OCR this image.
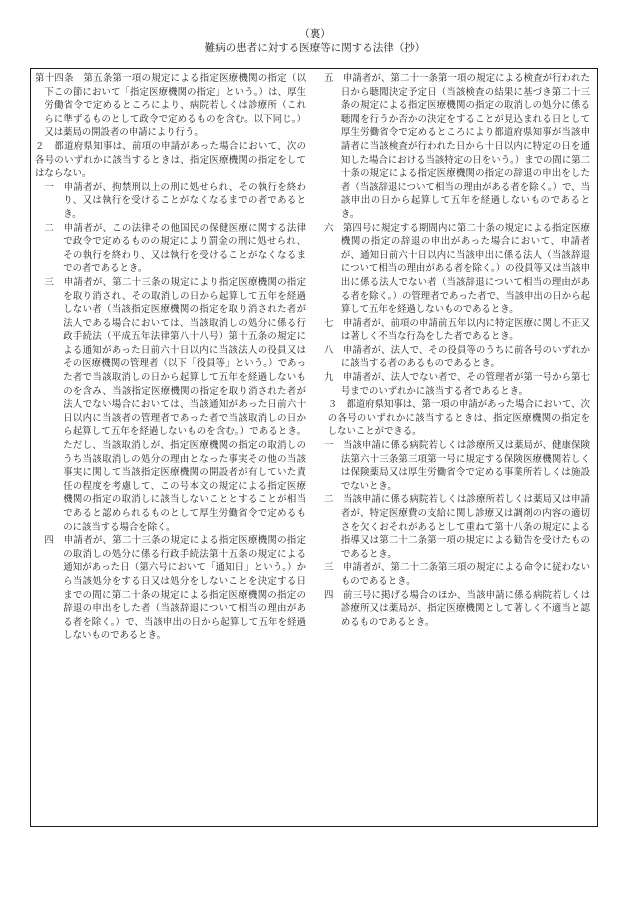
（裏）
難病の患者に対する医療等に関する法律（抄）

第十四条　第五条第一項の規定による指定医療機関の指定（以下この節において「指定医療機関の指定」という。）は、厚生労働省令で定めるところにより、病院若しくは診療所（これらに準ずるものとして政令で定めるものを含む。以下同じ。）又は薬局の開設者の申請により行う。

２　都道府県知事は、前項の申請があった場合において、次の各号のいずれかに該当するときは、指定医療機関の指定をしてはならない。

一　申請者が、拘禁刑以上の刑に処せられ、その執行を終わり、又は執行を受けることがなくなるまでの者であるとき。

二　申請者が、この法律その他国民の保健医療に関する法律で政令で定めるものの規定により罰金の刑に処せられ、その執行を終わり、又は執行を受けることがなくなるまでの者であるとき。

三　申請者が、第二十三条の規定により指定医療機関の指定を取り消され、その取消しの日から起算して五年を経過しない者（当該指定医療機関の指定を取り消された者が法人である場合においては、当該取消しの処分に係る行政手続法（平成五年法律第八十八号）第十五条の規定による通知があった日前六十日以内に当該法人の役員又はその医療機関の管理者（以下「役員等」という。）であった者で当該取消しの日から起算して五年を経過しないものを含み、当該指定医療機関の指定を取り消された者が法人でない場合においては、当該通知があった日前六十日以内に当該者の管理者であった者で当該取消しの日から起算して五年を経過しないものを含む。）であるとき。ただし、当該取消しが、指定医療機関の指定の取消しのうち当該取消しの処分の理由となった事実その他の当該事実に関して当該指定医療機関の開設者が有していた責任の程度を考慮して、この号本文の規定による指定医療機関の指定の取消しに該当しないこととすることが相当であると認められるものとして厚生労働省令で定めるものに該当する場合を除く。

四　申請者が、第二十三条の規定による指定医療機関の指定の取消しの処分に係る行政手続法第十五条の規定による通知があった日（第六号において「通知日」という。）から当該処分をする日又は処分をしないことを決定する日までの間に第二十条の規定による指定医療機関の指定の辞退の申出をした者（当該辞退について相当の理由がある者を除く。）で、当該申出の日から起算して五年を経過しないものであるとき。

五　申請者が、第二十一条第一項の規定による検査が行われた日から聴聞決定予定日（当該検査の結果に基づき第二十三条の規定による指定医療機関の指定の取消しの処分に係る聴聞を行うか否かの決定をすることが見込まれる日として厚生労働省令で定めるところにより都道府県知事が当該申請者に当該検査が行われた日から十日以内に特定の日を通知した場合における当該特定の日をいう。）までの間に第二十条の規定による指定医療機関の指定の辞退の申出をした者（当該辞退について相当の理由がある者を除く。）で、当該申出の日から起算して五年を経過しないものであるとき。

六　第四号に規定する期間内に第二十条の規定による指定医療機関の指定の辞退の申出があった場合において、申請者が、通知日前六十日以内に当該申出に係る法人（当該辞退について相当の理由がある者を除く。）の役員等又は当該申出に係る法人でない者（当該辞退について相当の理由がある者を除く。）の管理者であった者で、当該申出の日から起算して五年を経過しないものであるとき。

七　申請者が、前項の申請前五年以内に特定医療に関し不正又は著しく不当な行為をした者であるとき。

八　申請者が、法人で、その役員等のうちに前各号のいずれかに該当する者のあるものであるとき。

九　申請者が、法人でない者で、その管理者が第一号から第七号までのいずれかに該当する者であるとき。

３　都道府県知事は、第一項の申請があった場合において、次の各号のいずれかに該当するときは、指定医療機関の指定をしないことができる。

一　当該申請に係る病院若しくは診療所又は薬局が、健康保険法第六十三条第三項第一号に規定する保険医療機関若しくは保険薬局又は厚生労働省令で定める事業所若しくは施設でないとき。

二　当該申請に係る病院若しくは診療所若しくは薬局又は申請者が、特定医療費の支給に関し診療又は調剤の内容の適切さを欠くおそれがあるとして重ねて第十八条の規定による指導又は第二十二条第一項の規定による勧告を受けたものであるとき。

三　申請者が、第二十二条第三項の規定による命令に従わないものであるとき。

四　前三号に掲げる場合のほか、当該申請に係る病院若しくは診療所又は薬局が、指定医療機関として著しく不適当と認めるものであるとき。
